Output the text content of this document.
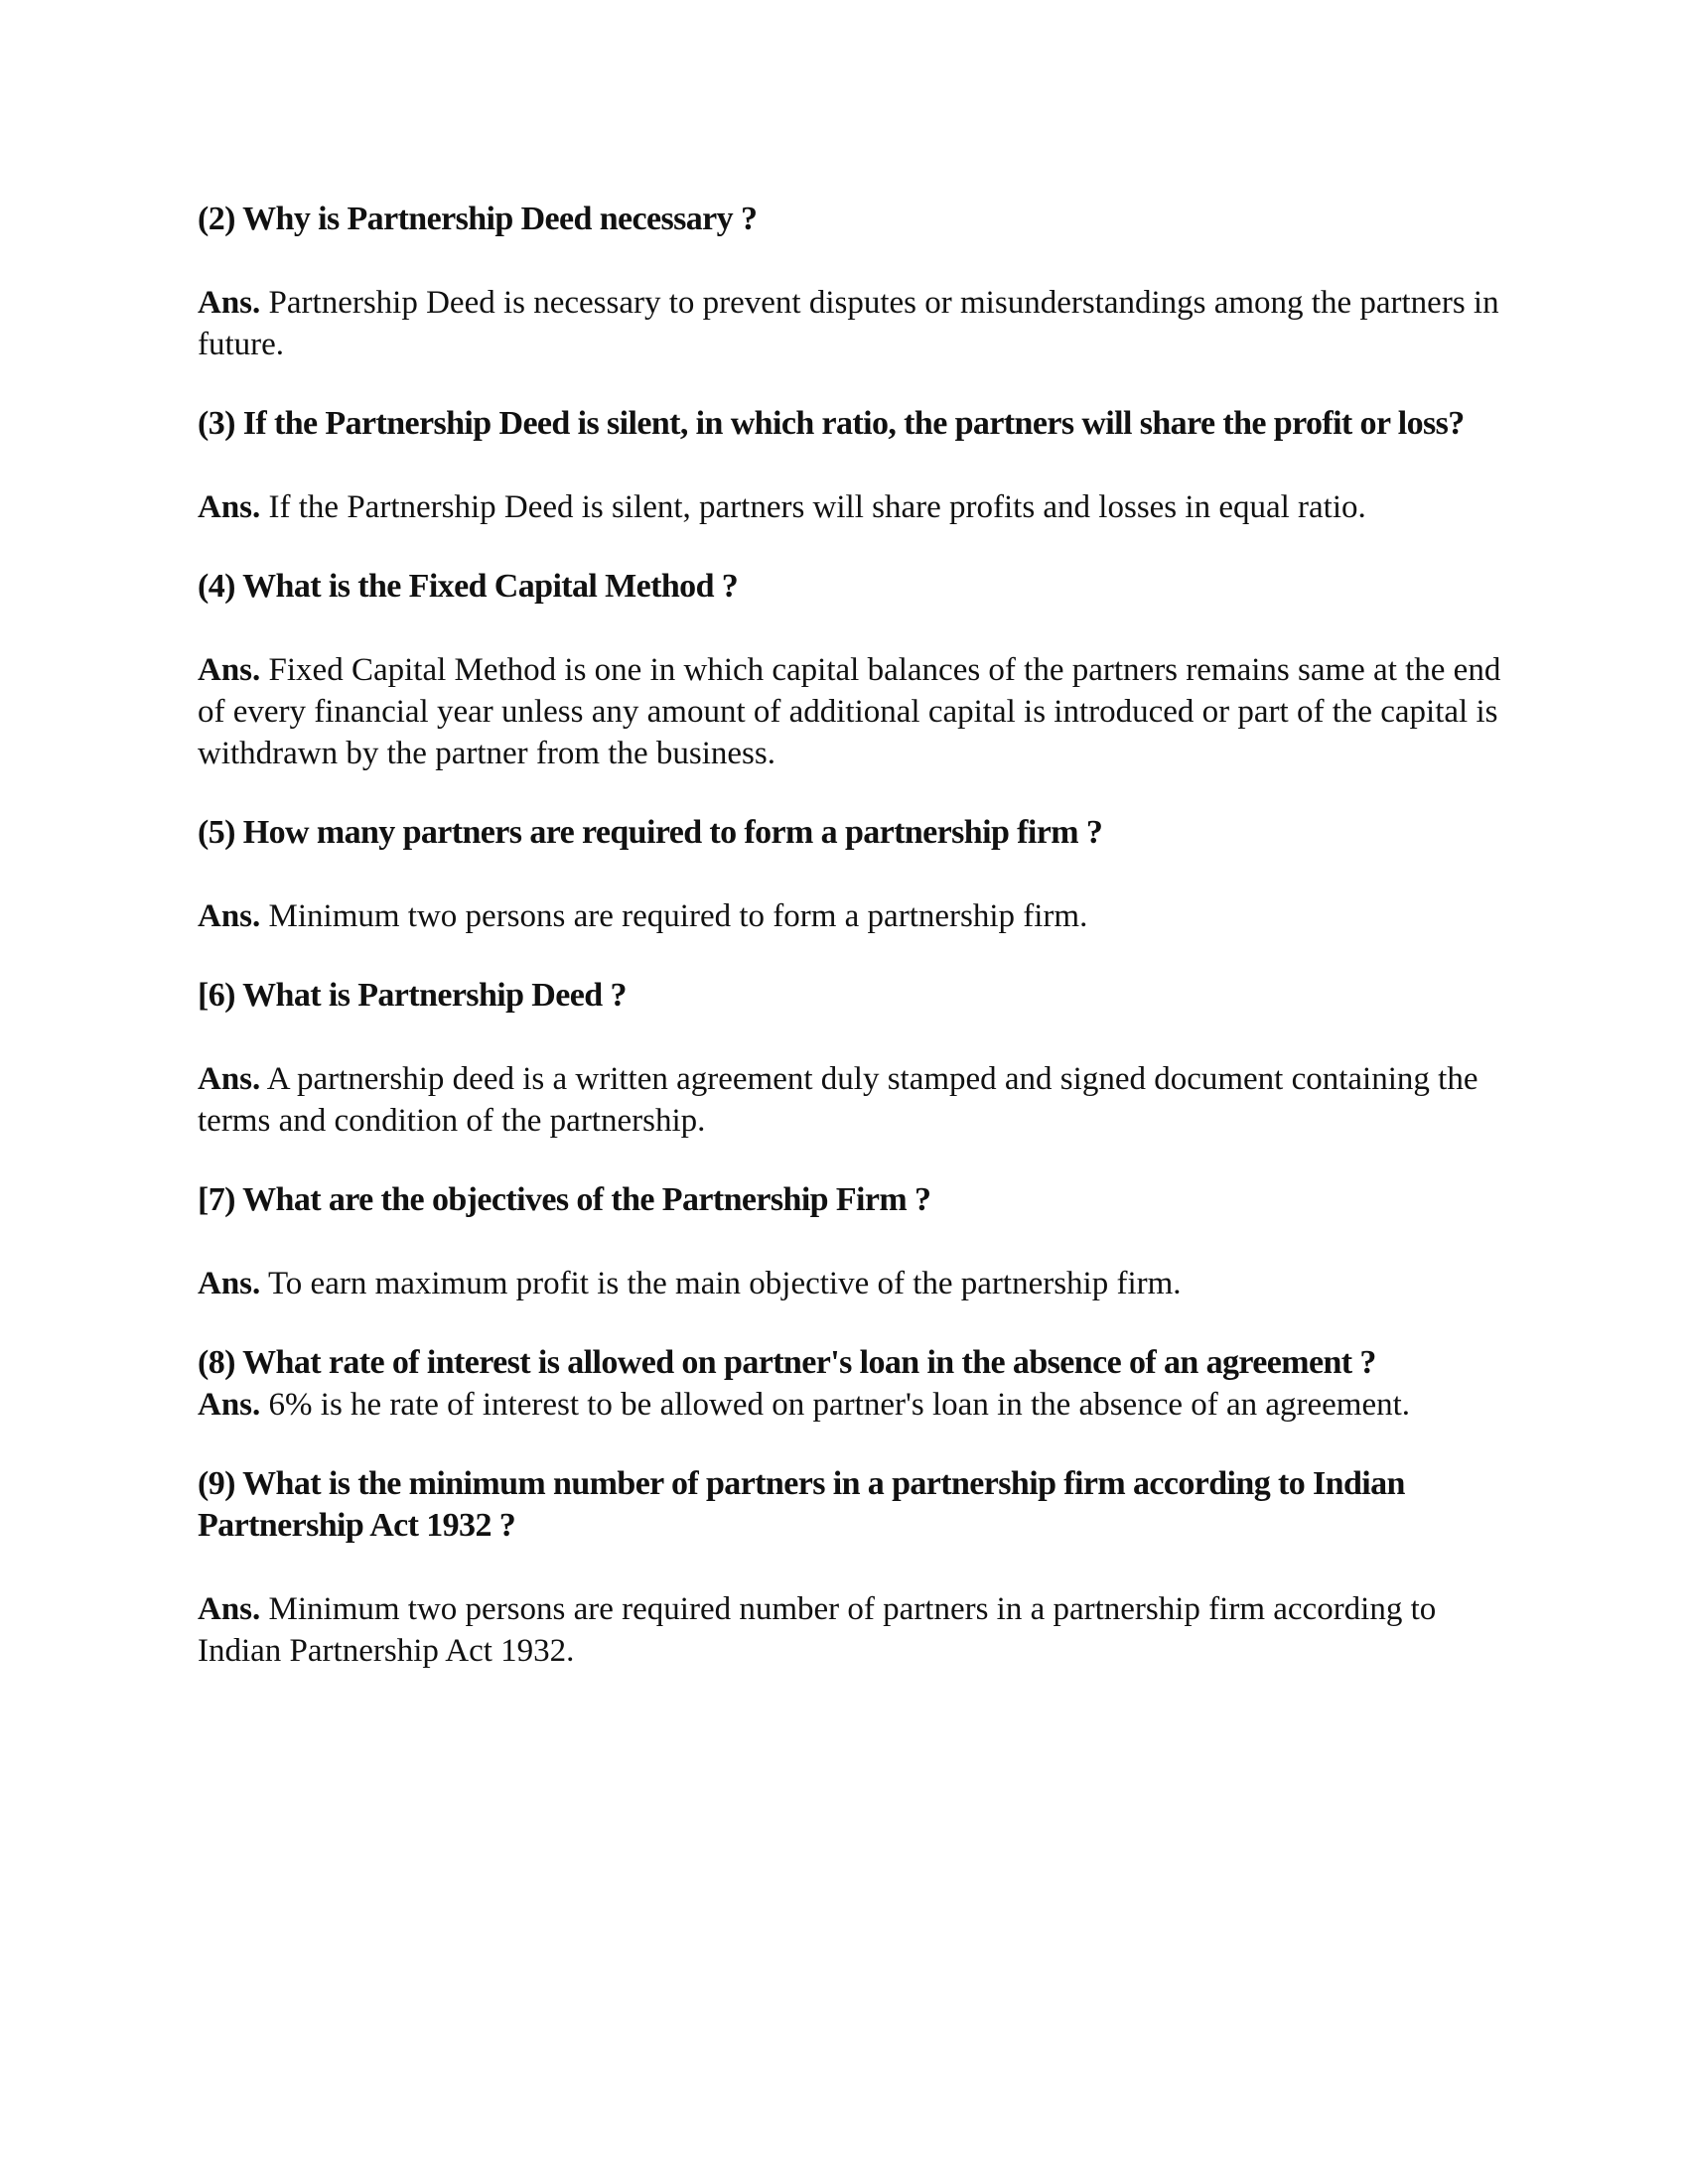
(2) Why is Partnership Deed necessary ?

Ans. Partnership Deed is necessary to prevent disputes or misunderstandings among the partners in future.

(3) If the Partnership Deed is silent, in which ratio, the partners will share the profit or loss?

Ans. If the Partnership Deed is silent, partners will share profits and losses in equal ratio.

(4) What is the Fixed Capital Method ?

Ans. Fixed Capital Method is one in which capital balances of the partners remains same at the end of every financial year unless any amount of additional capital is introduced or part of the capital is withdrawn by the partner from the business.

(5) How many partners are required to form a partnership firm ?

Ans. Minimum two persons are required to form a partnership firm.

[6) What is Partnership Deed ?

Ans. A partnership deed is a written agreement duly stamped and signed document containing the terms and condition of the partnership.

[7) What are the objectives of the Partnership Firm ?

Ans. To earn maximum profit is the main objective of the partnership firm.

(8) What rate of interest is allowed on partner's loan in the absence of an agreement ?

Ans. 6% is he rate of interest to be allowed on partner's loan in the absence of an agreement.

(9) What is the minimum number of partners in a partnership firm according to Indian Partnership Act 1932 ?

Ans. Minimum two persons are required number of partners in a partnership firm according to Indian Partnership Act 1932.
